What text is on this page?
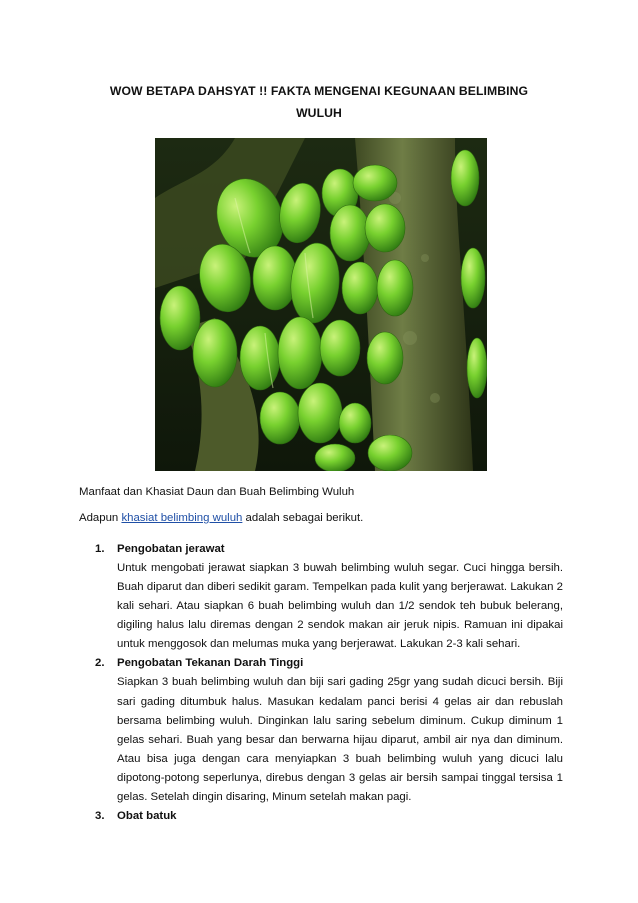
WOW BETAPA DAHSYAT !! FAKTA MENGENAI KEGUNAAN BELIMBING WULUH
Manfaat dan Khasiat Daun dan Buah Belimbing Wuluh
Adapun khasiat belimbing wuluh adalah sebagai berikut.
1. Pengobatan jerawat
Untuk mengobati jerawat siapkan 3 buwah belimbing wuluh segar. Cuci hingga bersih. Buah diparut dan diberi sedikit garam. Tempelkan pada kulit yang berjerawat. Lakukan 2 kali sehari. Atau siapkan 6 buah belimbing wuluh dan 1/2 sendok teh bubuk belerang, digiling halus lalu diremas dengan 2 sendok makan air jeruk nipis. Ramuan ini dipakai untuk menggosok dan melumas muka yang berjerawat. Lakukan 2-3 kali sehari.
2. Pengobatan Tekanan Darah Tinggi
Siapkan 3 buah belimbing wuluh dan biji sari gading 25gr yang sudah dicuci bersih. Biji sari gading ditumbuk halus. Masukan kedalam panci berisi 4 gelas air dan rebuslah bersama belimbing wuluh. Dinginkan lalu saring sebelum diminum. Cukup diminum 1 gelas sehari. Buah yang besar dan berwarna hijau diparut, ambil air nya dan diminum. Atau bisa juga dengan cara menyiapkan 3 buah belimbing wuluh yang dicuci lalu dipotong-potong seperlunya, direbus dengan 3 gelas air bersih sampai tinggal tersisa 1 gelas. Setelah dingin disaring, Minum setelah makan pagi.
3. Obat batuk
